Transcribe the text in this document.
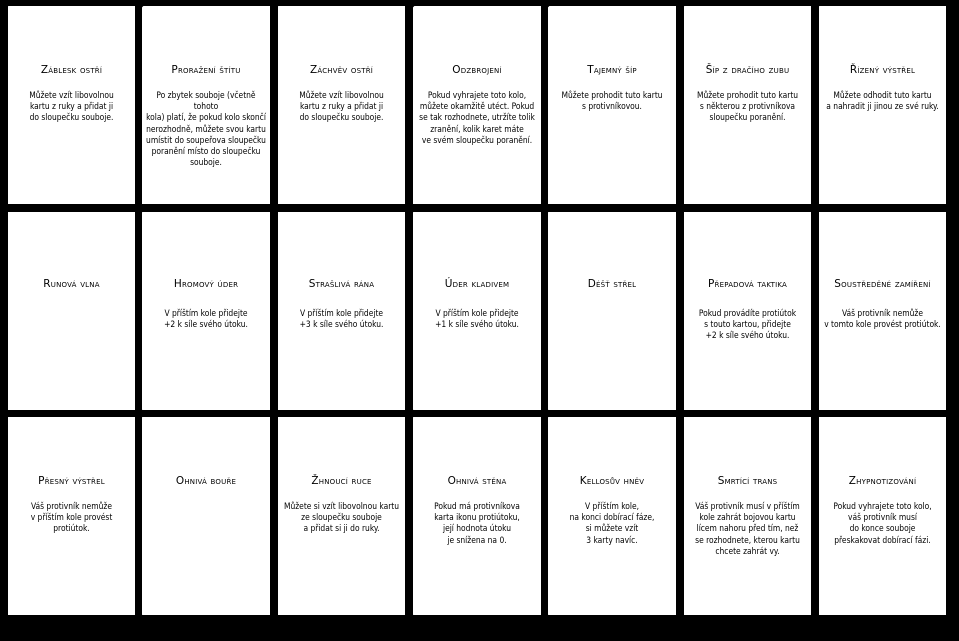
Záblesk ostří
Můžete vzít libovolnou
kartu z ruky a přidat ji
do sloupečku souboje.
Proražení štítu
Po zbytek souboje (včetně tohoto
kola) platí, že pokud kolo skončí
nerozhodně, můžete svou kartu
umístit do soupeřova sloupečku
poranění místo do sloupečku
souboje.
Záchvěv ostří
Můžete vzít libovolnou
kartu z ruky a přidat ji
do sloupečku souboje.
Odzbrojení
Pokud vyhrajete toto kolo,
můžete okamžitě utéct. Pokud
se tak rozhodnete, utržíte tolik
zranění, kolik karet máte
ve svém sloupečku poranění.
Tajemný šíp
Můžete prohodit tuto kartu
s protivníkovou.
Šíp z dračího zubu
Můžete prohodit tuto kartu
s některou z protivníkova
sloupečku poranění.
Řízený výstřel
Můžete odhodit tuto kartu
a nahradit ji jinou ze své ruky.
Runová vlna	hromový úder
V příštím kole přidejte
+2 k síle svého útoku.
Strašlivá rána
V příštím kole přidejte
+3 k síle svého útoku.
Úder kladivem
V příštím kole přidejte
+1 k síle svého útoku.
Déšť střel	přepadová taktika
Pokud provádíte protiútok
s touto kartou, přidejte
+2 k síle svého útoku.
Soustředěné zamíření
Váš protivník nemůže
v tomto kole provést protiútok.
Přesný výstřel
Váš protivník nemůže
v příštím kole provést protiútok.
Ohnivá bouře	žhnoucí ruce
Můžete si vzít libovolnou kartu
ze sloupečku souboje
a přidat si ji do ruky.
Ohnivá stěna
Pokud má protivníkova
karta ikonu protiútoku,
její hodnota útoku
je snížena na 0.
Kellosův hněv
V příštím kole,
na konci dobírací fáze,
si můžete vzít
3 karty navíc.
Smrtící trans
Váš protivník musí v příštím
kole zahrát bojovou kartu
lícem nahoru před tím, než
se rozhodnete, kterou kartu
chcete zahrát vy.
Zhypnotizování
Pokud vyhrajete toto kolo,
váš protivník musí
do konce souboje
přeskakovat dobírací fázi.
